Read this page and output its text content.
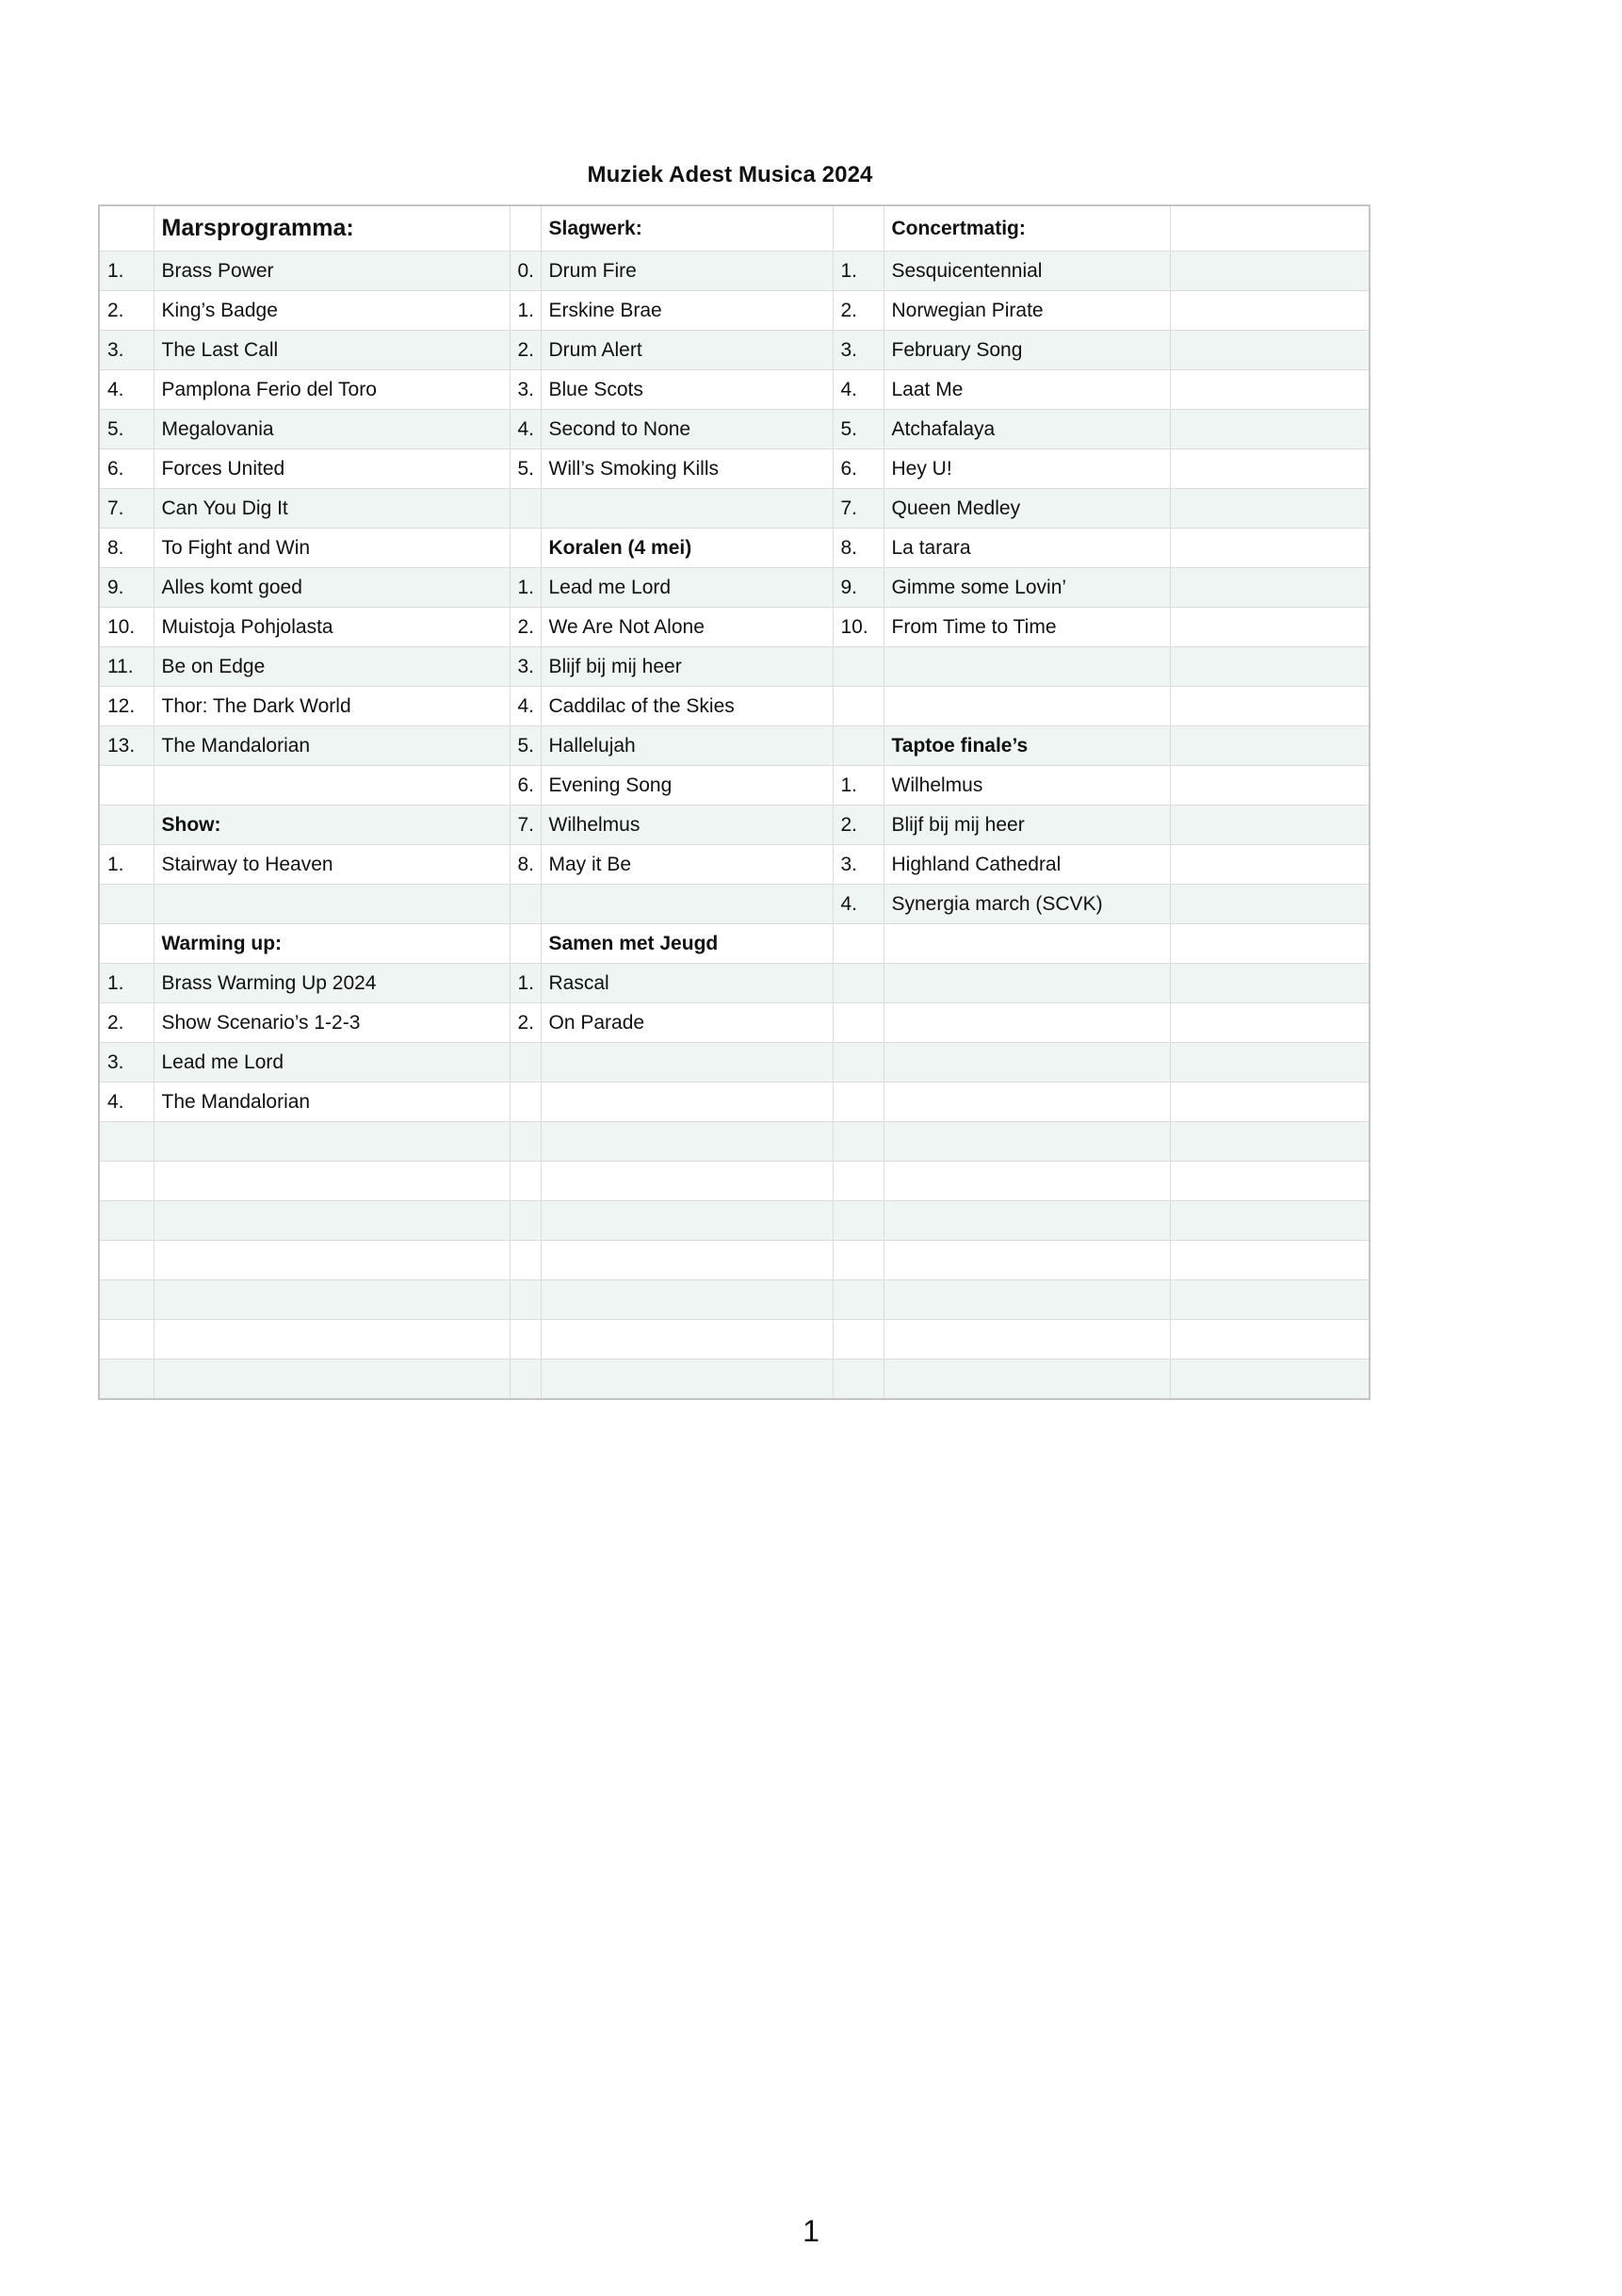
Muziek Adest Musica 2024
	Marsprogramma:		Slagwerk:		Concertmatig:	
1.	Brass Power	0.	Drum Fire	1.	Sesquicentennial	
2.	King’s Badge	1.	Erskine Brae	2.	Norwegian Pirate	
3.	The Last Call	2.	Drum Alert	3.	February Song	
4.	Pamplona Ferio del Toro	3.	Blue Scots	4.	Laat Me	
5.	Megalovania	4.	Second to None	5.	Atchafalaya	
6.	Forces United	5.	Will’s Smoking Kills	6.	Hey U!	
7.	Can You Dig It			7.	Queen Medley	
8.	To Fight and Win		Koralen (4 mei)	8.	La tarara	
9.	Alles komt goed	1.	Lead me Lord	9.	Gimme some Lovin’	
10.	Muistoja Pohjolasta	2.	We Are Not Alone	10.	From Time to Time	
11.	Be on Edge	3.	Blijf bij mij heer			
12.	Thor: The Dark World	4.	Caddilac of the Skies			
13.	The Mandalorian	5.	Hallelujah		Taptoe finale’s	
		6.	Evening Song	1.	Wilhelmus	
	Show:	7.	Wilhelmus	2.	Blijf bij mij heer	
1.	Stairway to Heaven	8.	May it Be	3.	Highland Cathedral	
				4.	Synergia march (SCVK)	
	Warming up:		Samen met Jeugd			
1.	Brass Warming Up 2024	1.	Rascal			
2.	Show Scenario’s 1-2-3	2.	On Parade			
3.	Lead me Lord					
4.	The Mandalorian					

1
